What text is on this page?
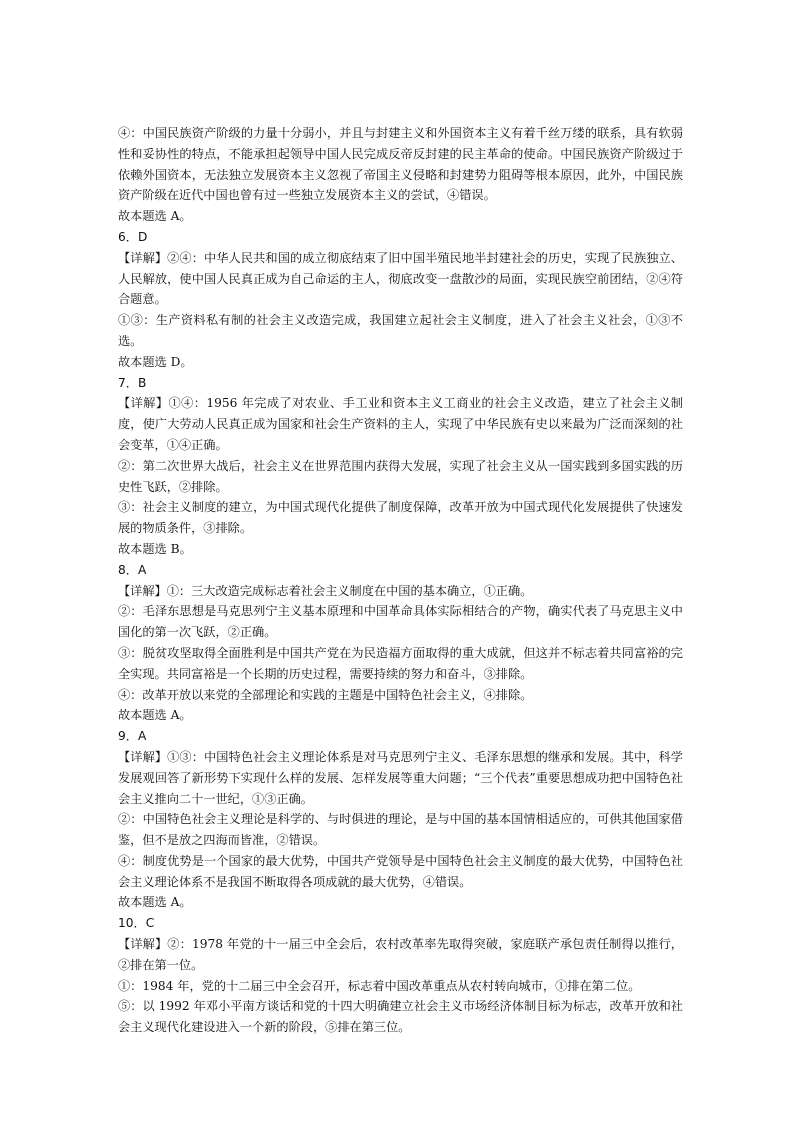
④：中国民族资产阶级的力量十分弱小，并且与封建主义和外国资本主义有着千丝万缕的联系，具有软弱性和妥协性的特点，不能承担起领导中国人民完成反帝反封建的民主革命的使命。中国民族资产阶级过于依赖外国资本，无法独立发展资本主义忽视了帝国主义侵略和封建势力阻碍等根本原因，此外，中国民族资产阶级在近代中国也曾有过一些独立发展资本主义的尝试，④错误。

故本题选 A。

6．D

【详解】②④：中华人民共和国的成立彻底结束了旧中国半殖民地半封建社会的历史，实现了民族独立、人民解放，使中国人民真正成为自己命运的主人，彻底改变一盘散沙的局面，实现民族空前团结，②④符合题意。

①③：生产资料私有制的社会主义改造完成，我国建立起社会主义制度，进入了社会主义社会，①③不选。

故本题选 D。

7．B

【详解】①④：1956 年完成了对农业、手工业和资本主义工商业的社会主义改造，建立了社会主义制度，使广大劳动人民真正成为国家和社会生产资料的主人，实现了中华民族有史以来最为广泛而深刻的社会变革，①④正确。

②：第二次世界大战后，社会主义在世界范围内获得大发展，实现了社会主义从一国实践到多国实践的历史性飞跃，②排除。

③：社会主义制度的建立，为中国式现代化提供了制度保障，改革开放为中国式现代化发展提供了快速发展的物质条件，③排除。

故本题选 B。

8．A

【详解】①：三大改造完成标志着社会主义制度在中国的基本确立，①正确。

②：毛泽东思想是马克思列宁主义基本原理和中国革命具体实际相结合的产物，确实代表了马克思主义中国化的第一次飞跃，②正确。

③：脱贫攻坚取得全面胜利是中国共产党在为民造福方面取得的重大成就，但这并不标志着共同富裕的完全实现。共同富裕是一个长期的历史过程，需要持续的努力和奋斗，③排除。

④：改革开放以来党的全部理论和实践的主题是中国特色社会主义，④排除。

故本题选 A。

9．A

【详解】①③：中国特色社会主义理论体系是对马克思列宁主义、毛泽东思想的继承和发展。其中，科学发展观回答了新形势下实现什么样的发展、怎样发展等重大问题；“三个代表”重要思想成功把中国特色社会主义推向二十一世纪，①③正确。

②：中国特色社会主义理论是科学的、与时俱进的理论，是与中国的基本国情相适应的，可供其他国家借鉴，但不是放之四海而皆准，②错误。

④：制度优势是一个国家的最大优势，中国共产党领导是中国特色社会主义制度的最大优势，中国特色社会主义理论体系不是我国不断取得各项成就的最大优势，④错误。

故本题选 A。

10．C

【详解】②：1978 年党的十一届三中全会后，农村改革率先取得突破，家庭联产承包责任制得以推行，②排在第一位。

①：1984 年，党的十二届三中全会召开，标志着中国改革重点从农村转向城市，①排在第二位。

⑤：以 1992 年邓小平南方谈话和党的十四大明确建立社会主义市场经济体制目标为标志，改革开放和社会主义现代化建设进入一个新的阶段，⑤排在第三位。
